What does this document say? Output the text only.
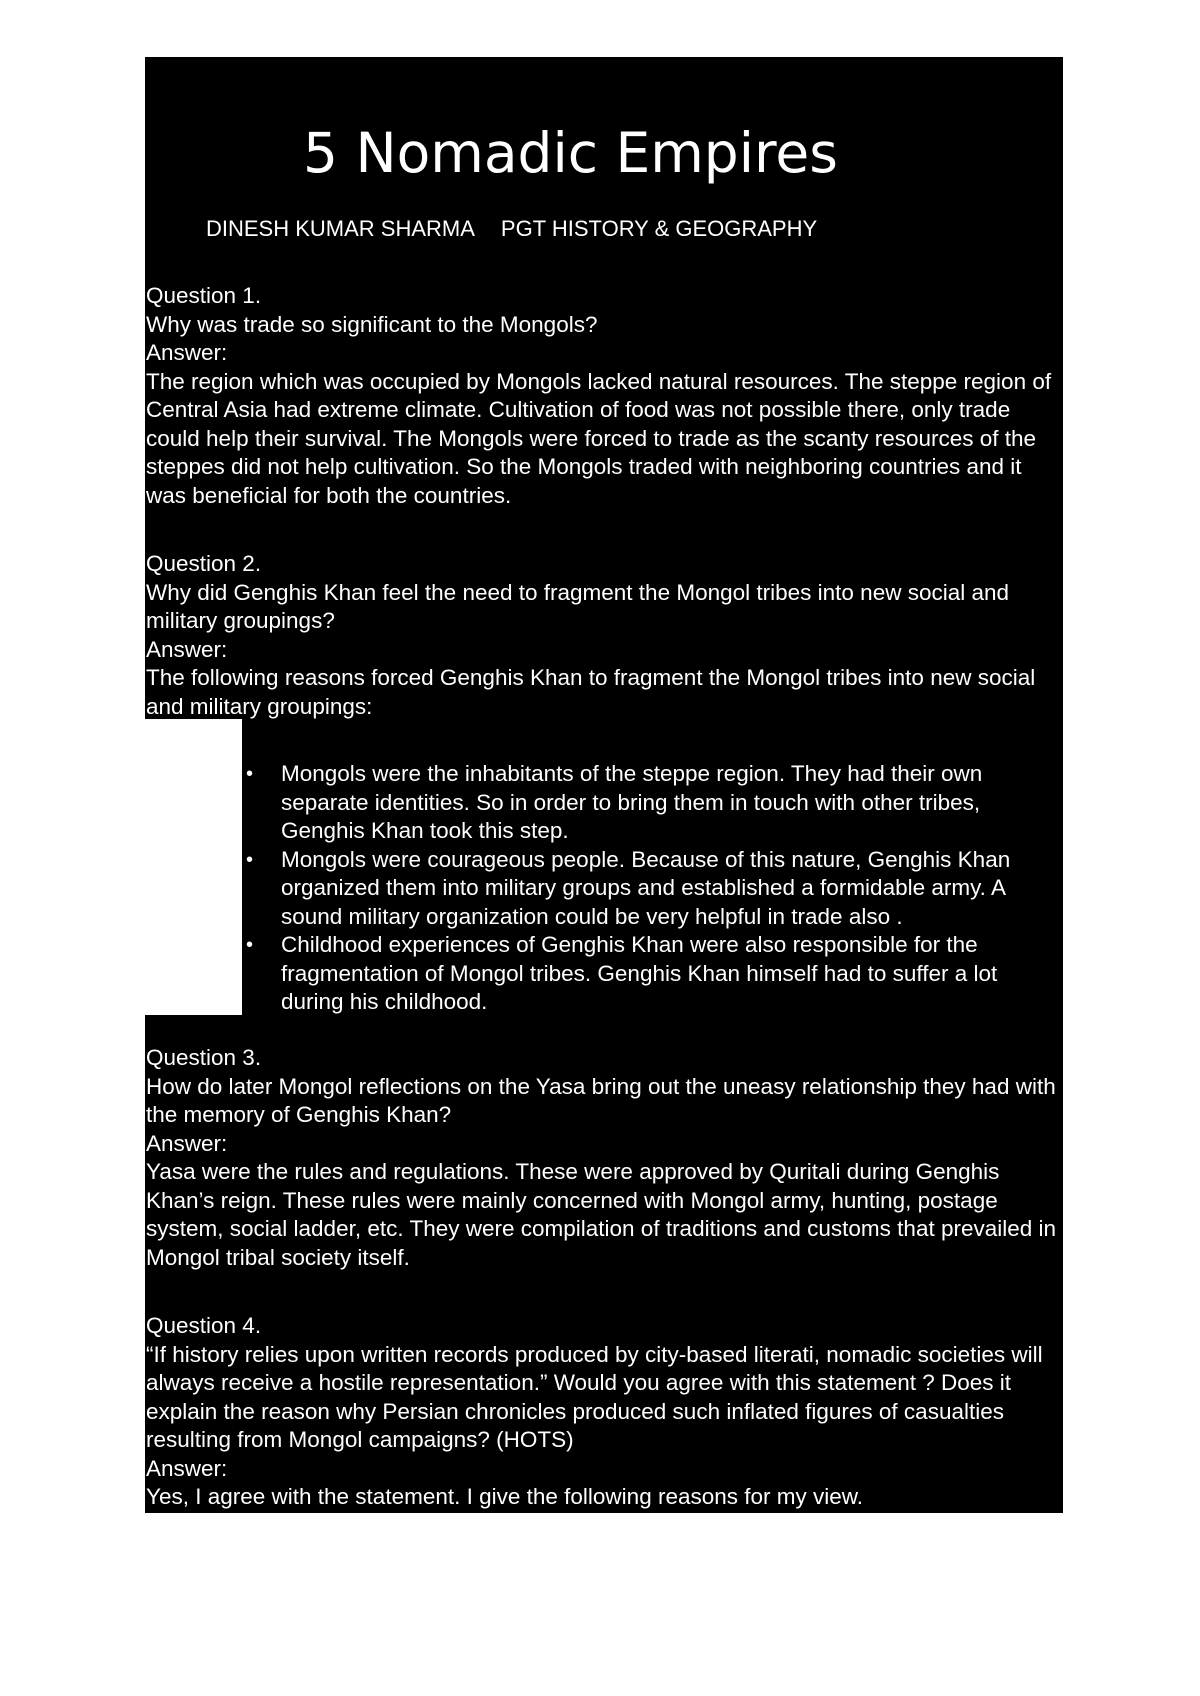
5 Nomadic Empires
DINESH KUMAR SHARMA PGT HISTORY & GEOGRAPHY

Question 1.

Why was trade so significant to the Mongols?

Answer:

The region which was occupied by Mongols lacked natural resources. The steppe region of Central Asia had extreme climate. Cultivation of food was not possible there, only trade could help their survival. The Mongols were forced to trade as the scanty resources of the steppes did not help cultivation. So the Mongols traded with neighboring countries and it was beneficial for both the countries.

Question 2.

Why did Genghis Khan feel the need to fragment the Mongol tribes into new social and military groupings?

Answer:

The following reasons forced Genghis Khan to fragment the Mongol tribes into new social and military groupings:

• Mongols were the inhabitants of the steppe region. They had their own separate identities. So in order to bring them in touch with other tribes, Genghis Khan took this step.
• Mongols were courageous people. Because of this nature, Genghis Khan organized them into military groups and established a formidable army. A sound military organization could be very helpful in trade also .
• Childhood experiences of Genghis Khan were also responsible for the fragmentation of Mongol tribes. Genghis Khan himself had to suffer a lot during his childhood.

Question 3.

How do later Mongol reflections on the Yasa bring out the uneasy relationship they had with the memory of Genghis Khan?

Answer:

Yasa were the rules and regulations. These were approved by Quritali during Genghis Khan’s reign. These rules were mainly concerned with Mongol army, hunting, postage system, social ladder, etc. They were compilation of traditions and customs that prevailed in Mongol tribal society itself.

Question 4.

“If history relies upon written records produced by city-based literati, nomadic societies will always receive a hostile representation.” Would you agree with this statement ? Does it explain the reason why Persian chronicles produced such inflated figures of casualties resulting from Mongol campaigns? (HOTS)

Answer:

Yes, I agree with the statement. I give the following reasons for my view.
